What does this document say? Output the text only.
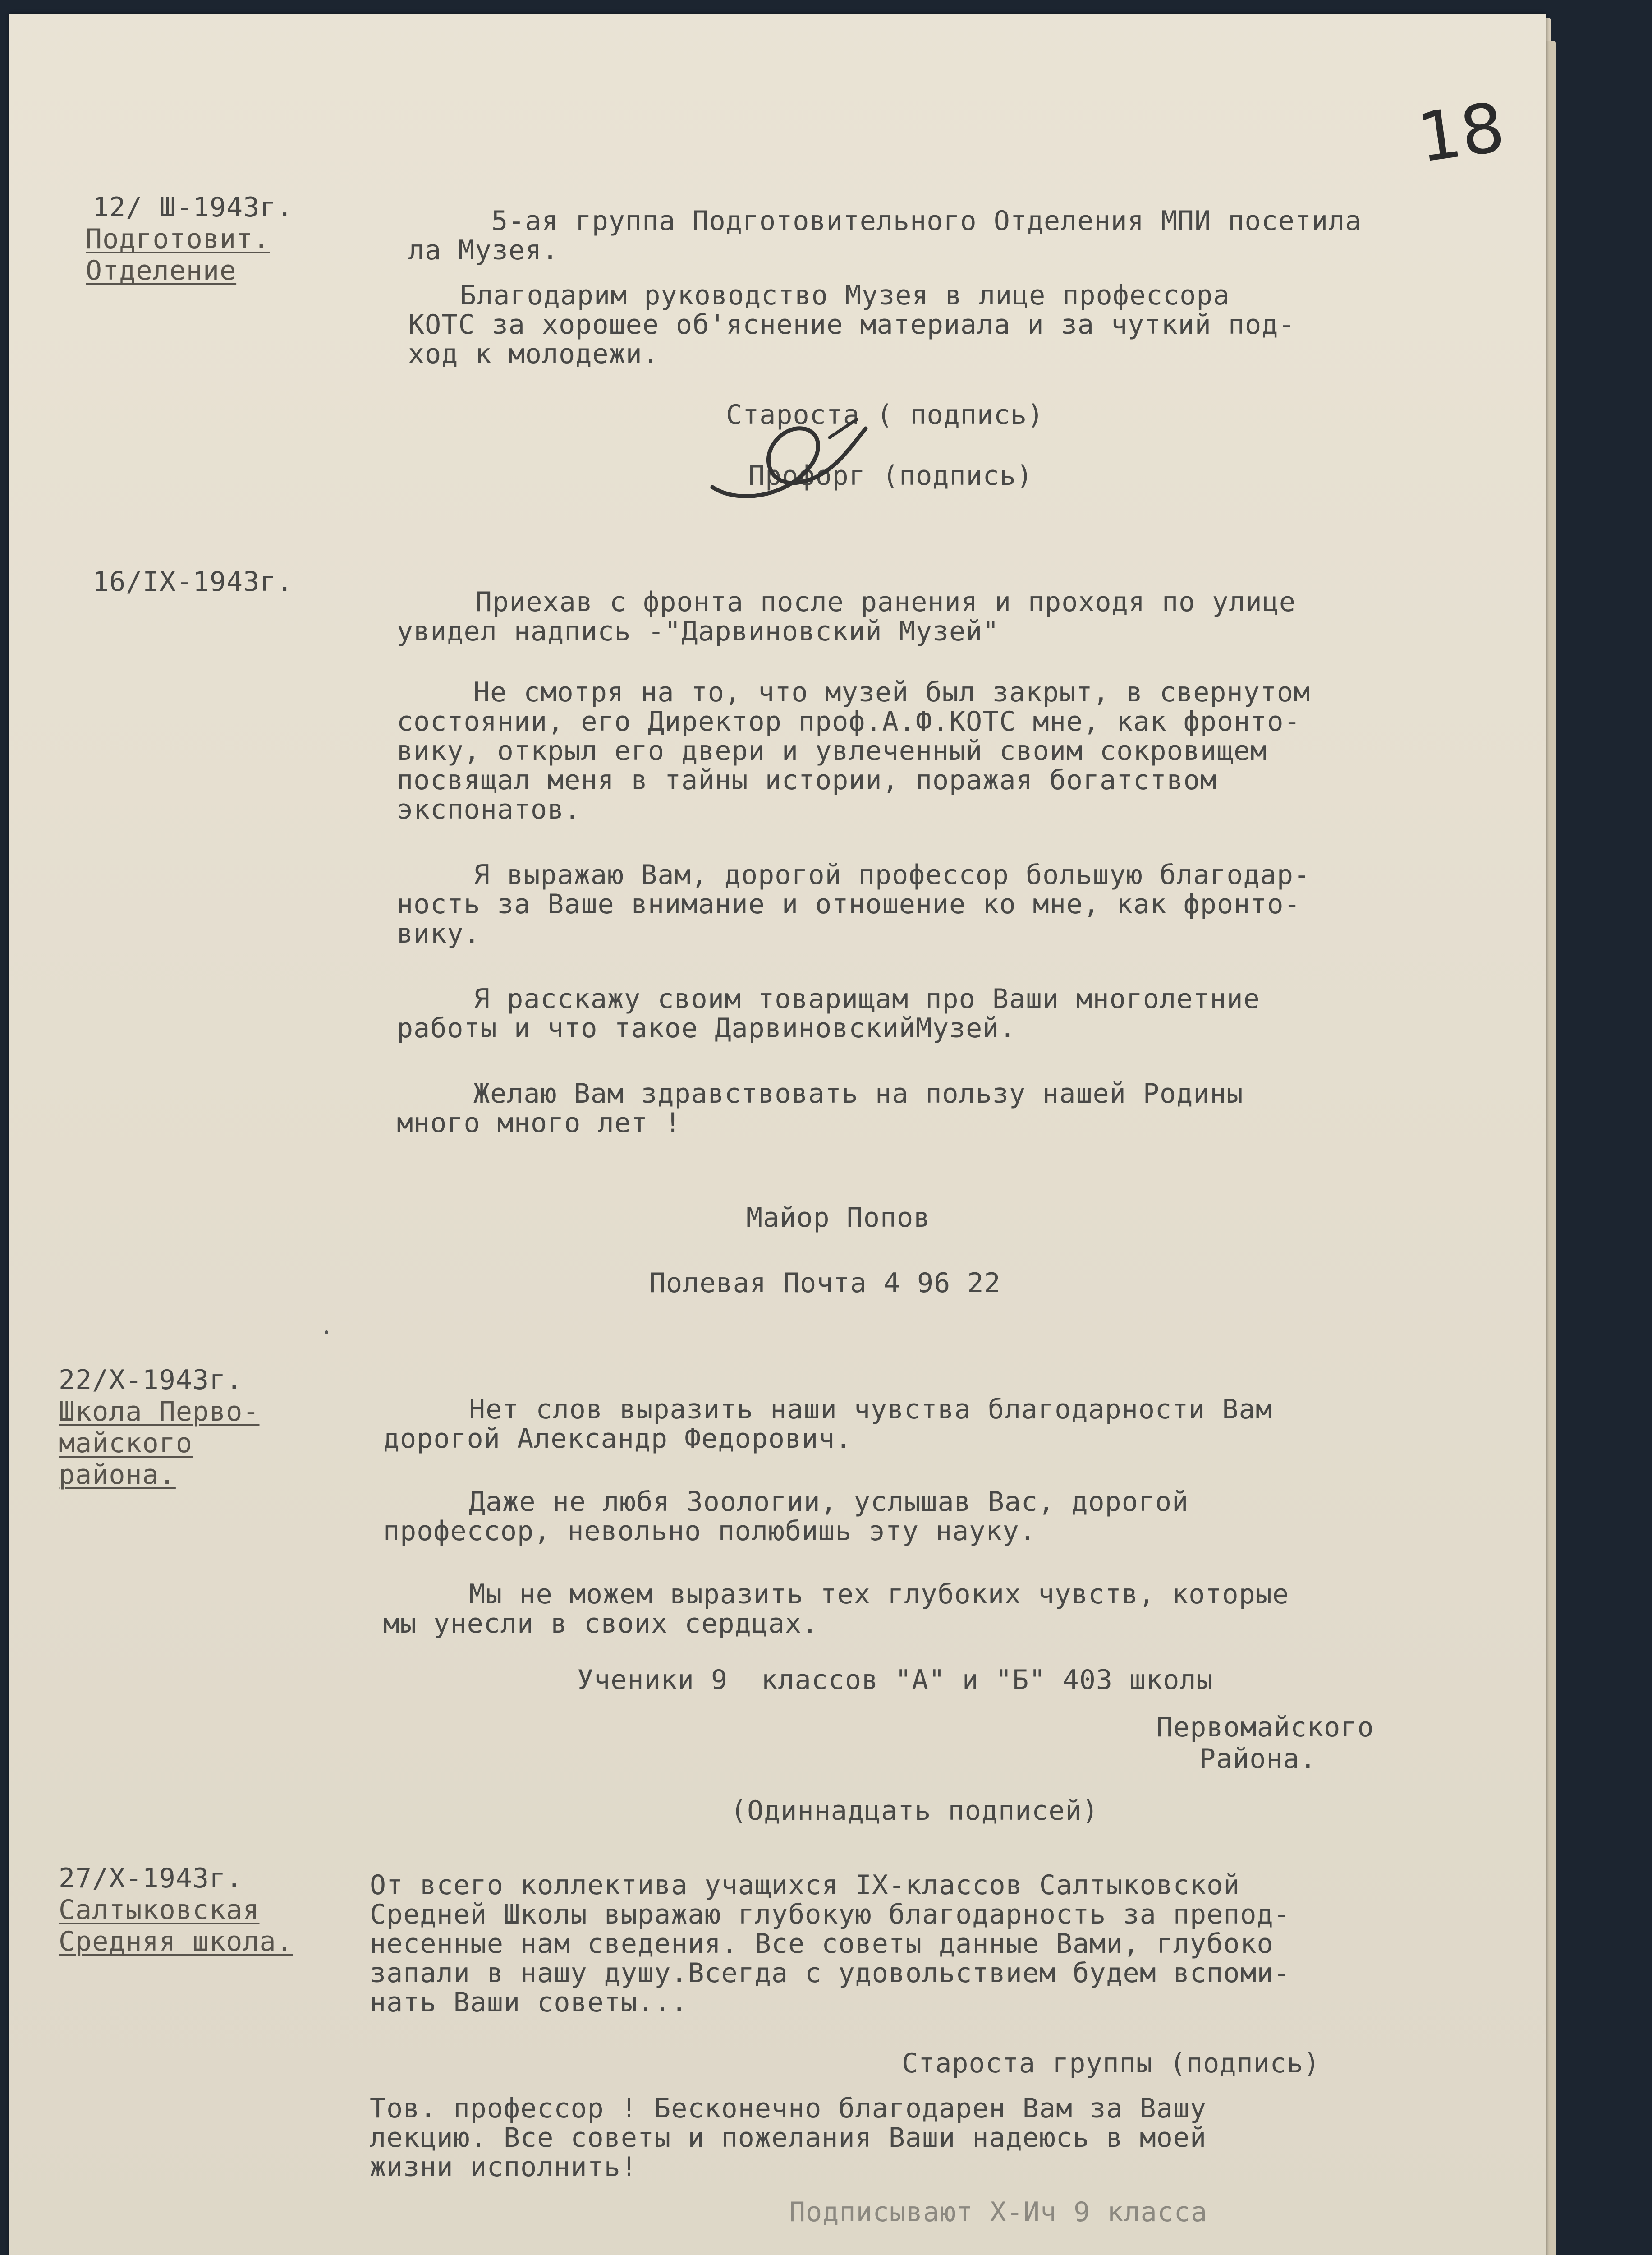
18

12/ Ш-1943г.

Подготовит.

Отделение

5-ая группа Подготовительного Отделения МПИ посетила

ла Музея.

Благодарим руководство Музея в лице профессора

КОТС за хорошее об'яснение материала и за чуткий под-

ход к молодежи.

Староста ( подпись)

Профорг (подпись)

16/IX-1943г.

Приехав с фронта после ранения и проходя по улице

увидел надпись -"Дарвиновский Музей"

Не смотря на то, что музей был закрыт, в свернутом

состоянии, его Директор проф.А.Ф.КОТС мне, как фронто-

вику, открыл его двери и увлеченный своим сокровищем

посвящал меня в тайны истории, поражая богатством

экспонатов.

Я выражаю Вам, дорогой профессор большую благодар-

ность за Ваше внимание и отношение ко мне, как фронто-

вику.

Я расскажу своим товарищам про Ваши многолетние

работы и что такое ДарвиновскийМузей.

Желаю Вам здравствовать на пользу нашей Родины

много много лет !

Майор Попов

Полевая Почта 4 96 22

22/Х-1943г.

Школа Перво-

майского

района.

Нет слов выразить наши чувства благодарности Вам

дорогой Александр Федорович.

Даже не любя Зоологии, услышав Вас, дорогой

профессор, невольно полюбишь эту науку.

Мы не можем выразить тех глубоких чувств, которые

мы унесли в своих сердцах.

Ученики 9  классов "А" и "Б" 403 школы

Первомайского

Района.

(Одиннадцать подписей)

27/Х-1943г.

Салтыковская

Средняя школа.

От всего коллектива учащихся IX-классов Салтыковской

Средней Школы выражаю глубокую благодарность за препод-

несенные нам сведения. Все советы данные Вами, глубоко

запали в нашу душу.Всегда с удовольствием будем вспоми-

нать Ваши советы...

Староста группы (подпись)

Тов. профессор ! Бесконечно благодарен Вам за Вашу

лекцию. Все советы и пожелания Ваши надеюсь в моей

жизни исполнить!

Подписывают Х-Ич 9 класса
